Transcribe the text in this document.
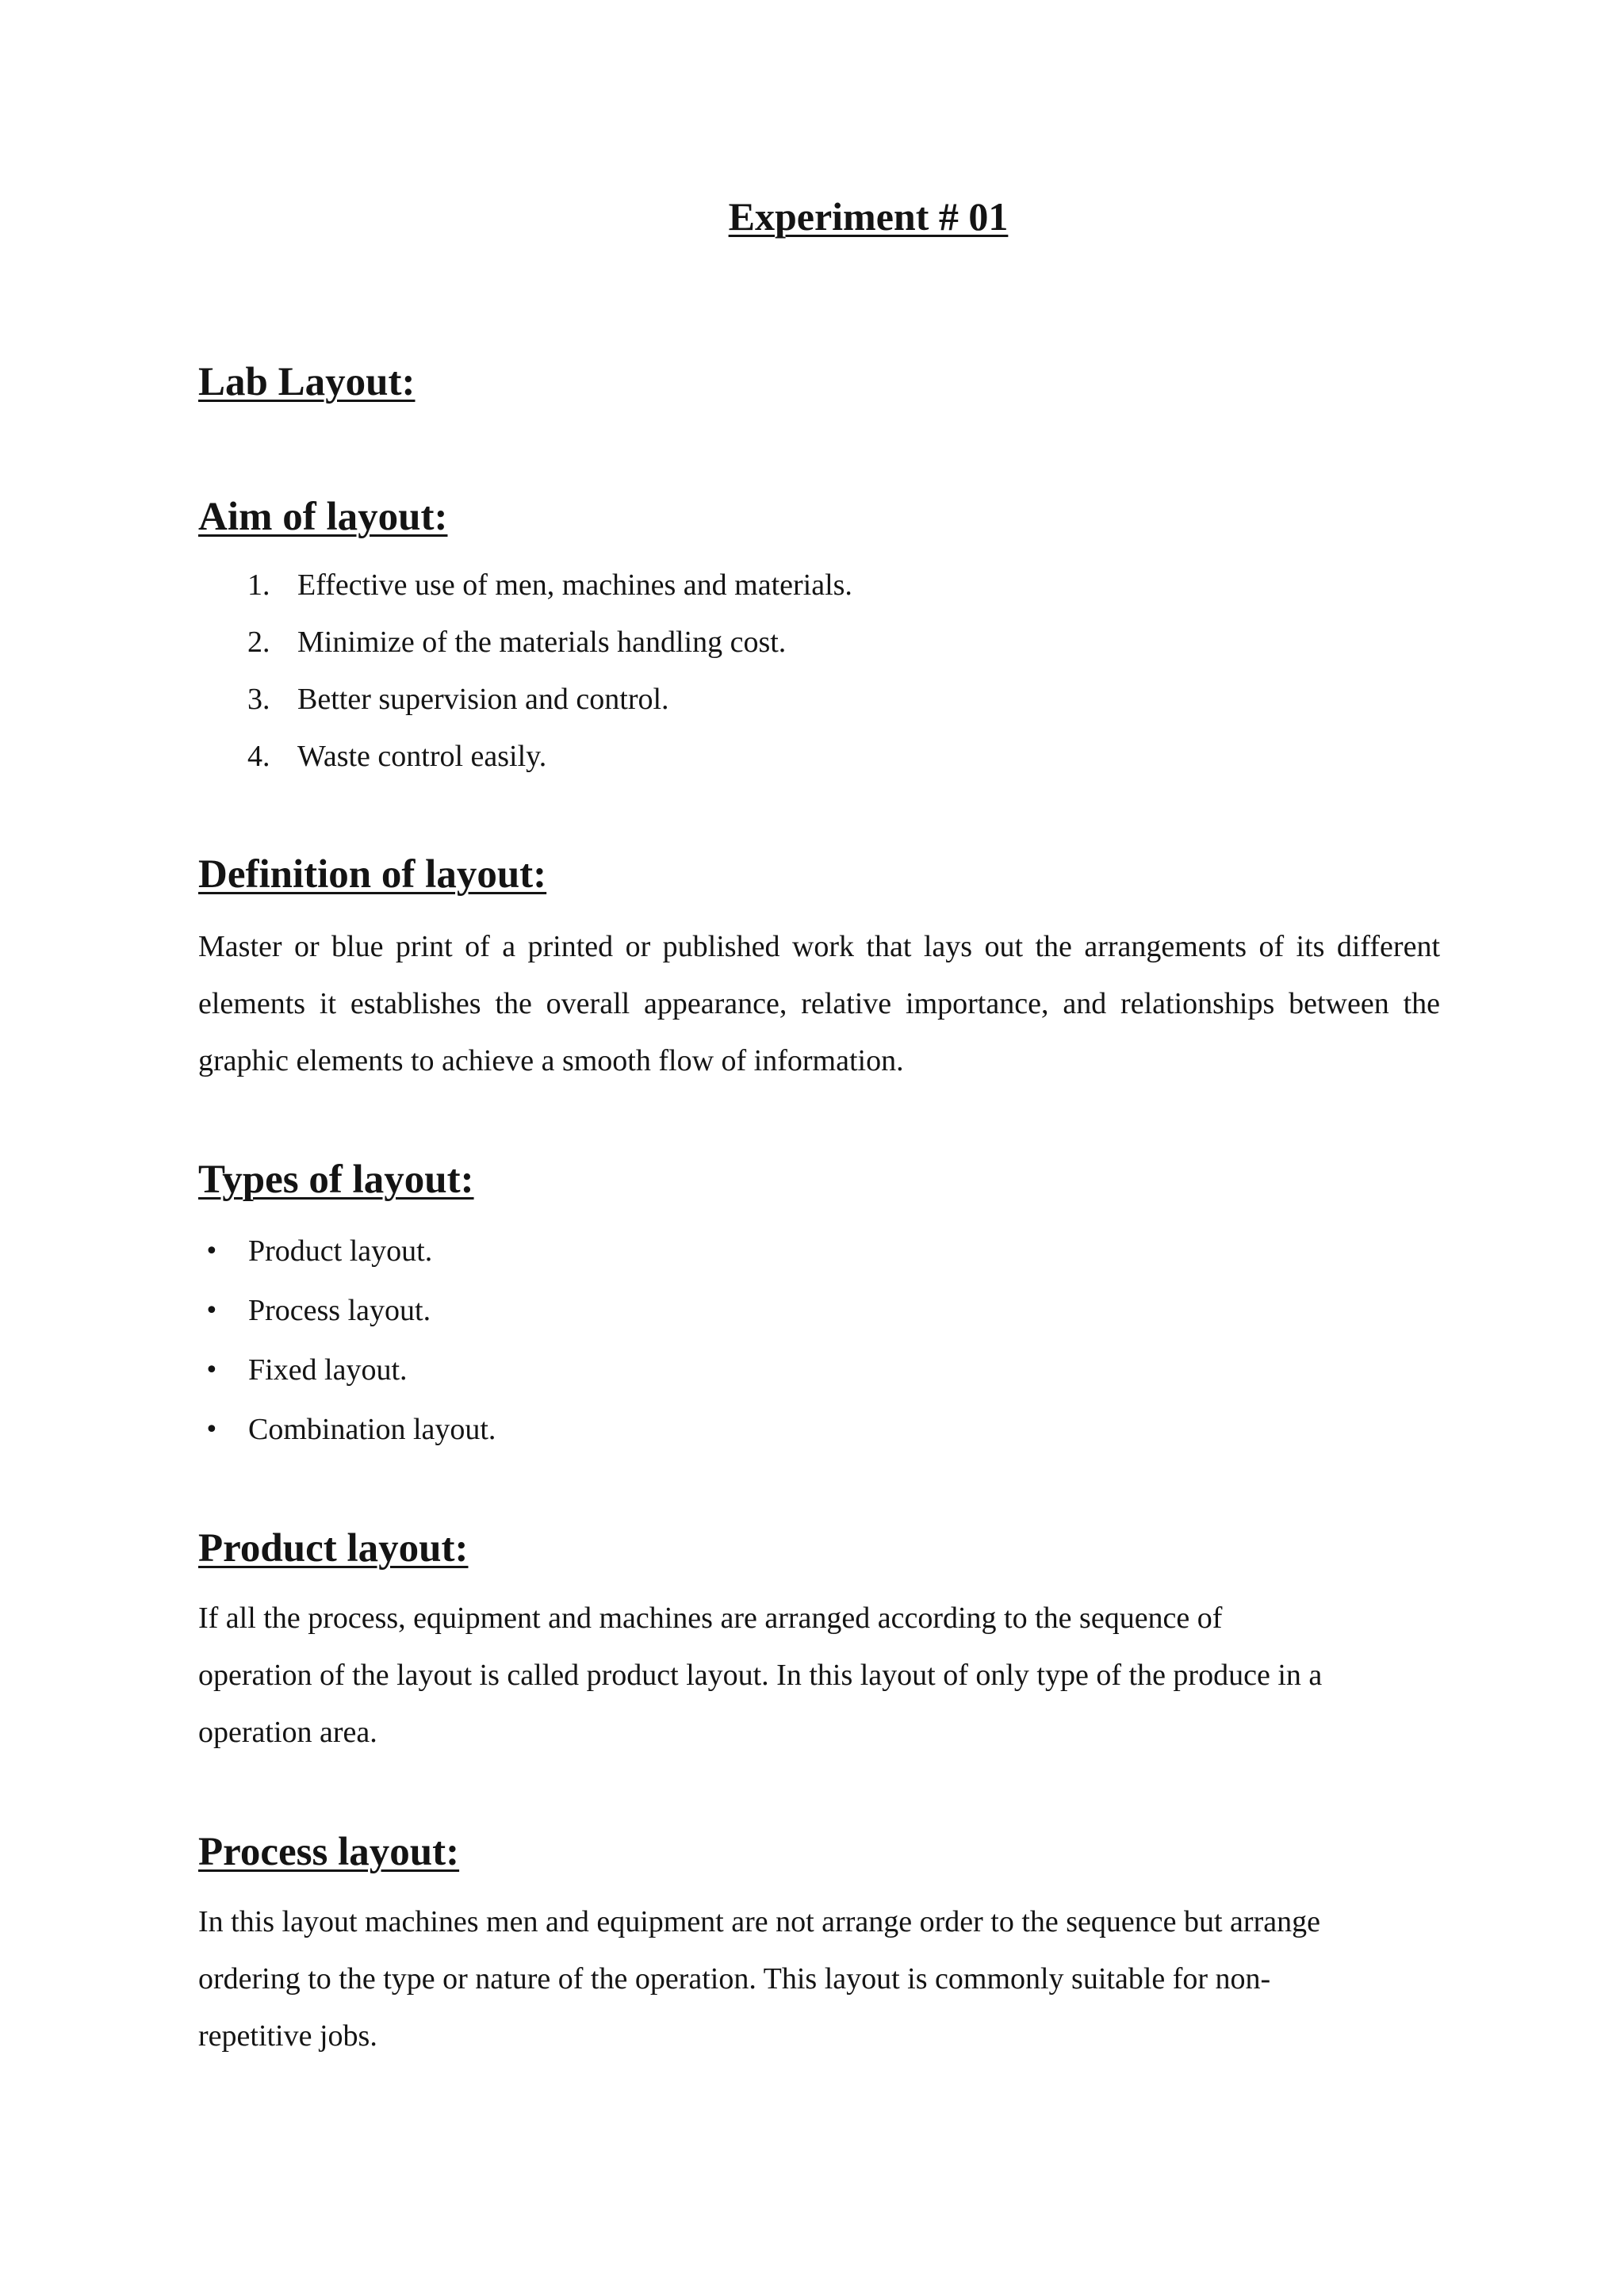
Experiment # 01
Lab Layout:
Aim of layout:
1. Effective use of men, machines and materials.
2. Minimize of the materials handling cost.
3. Better supervision and control.
4. Waste control easily.
Definition of layout:

Master or blue print of a printed or published work that lays out the arrangements of its different elements it establishes the overall appearance, relative importance, and relationships between the graphic elements to achieve a smooth flow of information.

Types of layout:
• Product layout.
• Process layout.
• Fixed layout.
• Combination layout.
Product layout:
If all the process, equipment and machines are arranged according to the sequence of
operation of the layout is called product layout. In this layout of only type of the produce in a
operation area.
Process layout:
In this layout machines men and equipment are not arrange order to the sequence but arrange
ordering to the type or nature of the operation. This layout is commonly suitable for non-
repetitive jobs.
